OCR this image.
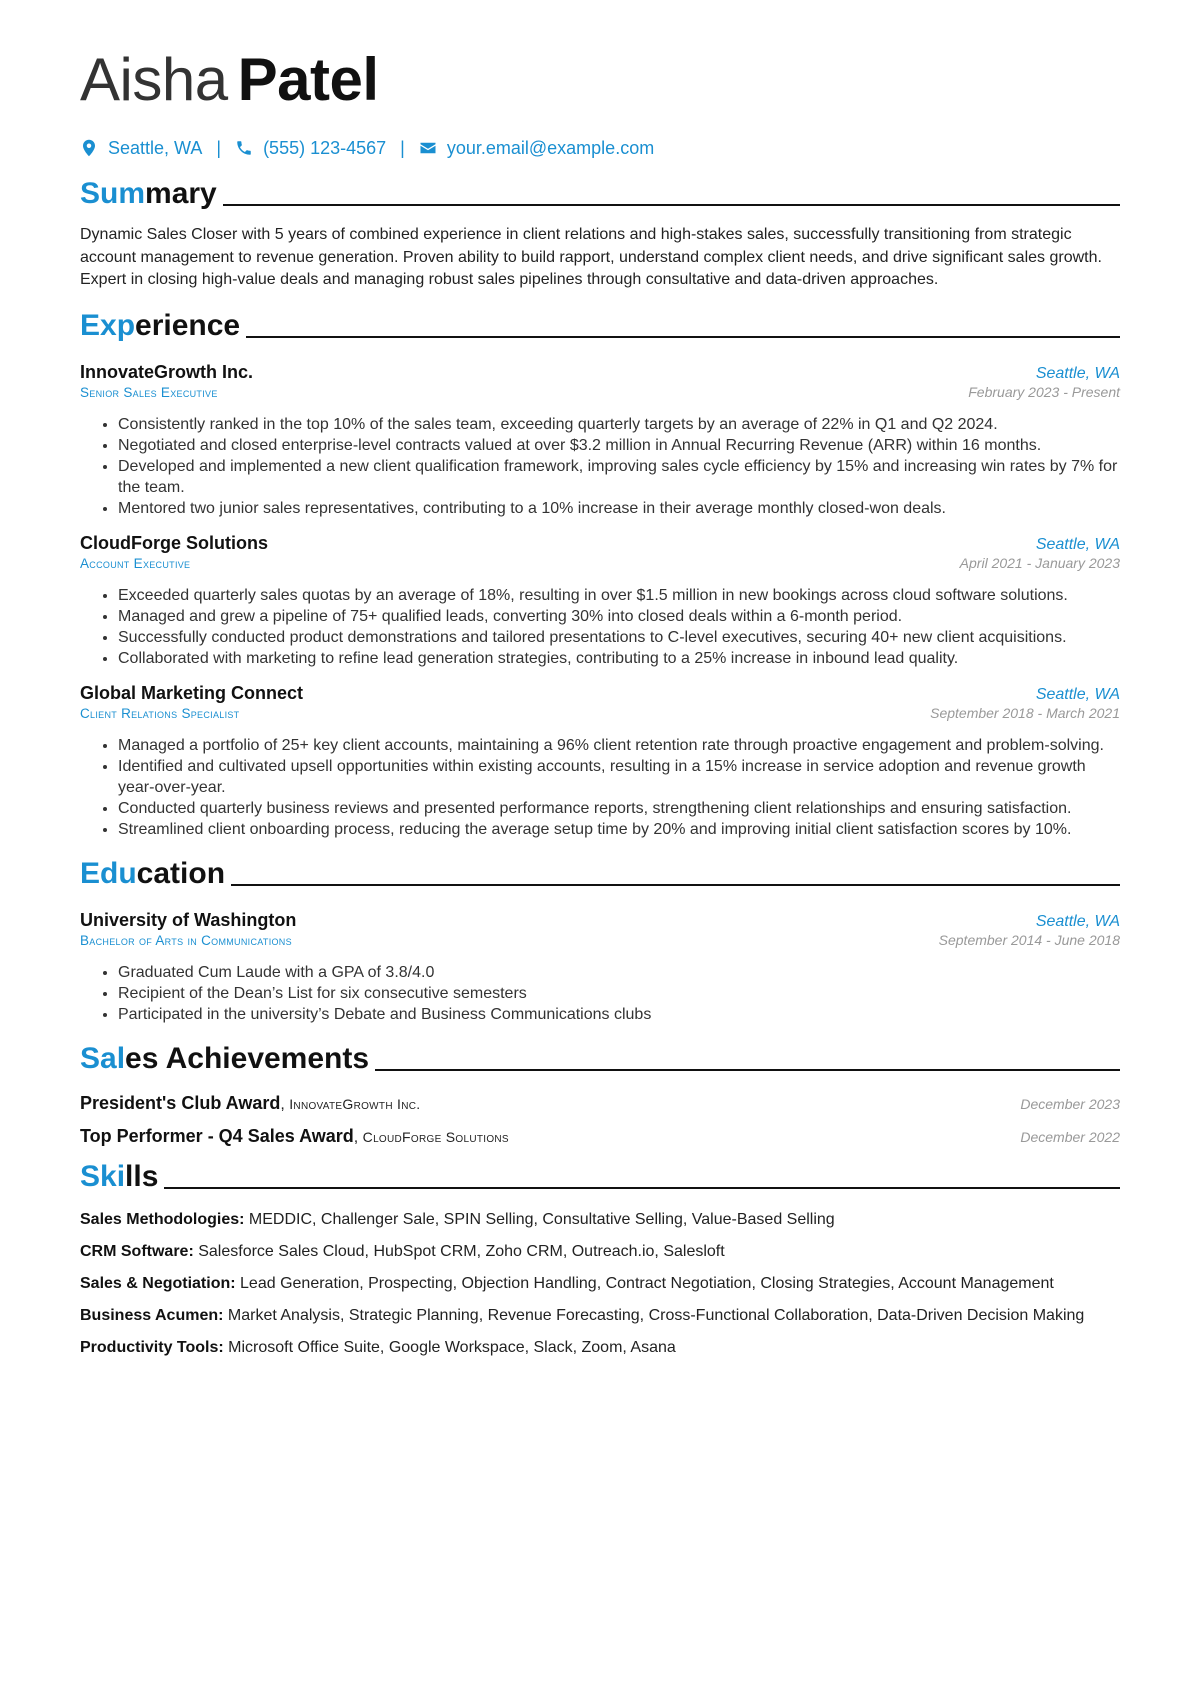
Aisha Patel
Seattle, WA | (555) 123-4567 | your.email@example.com
Summary
Dynamic Sales Closer with 5 years of combined experience in client relations and high-stakes sales, successfully transitioning from strategic account management to revenue generation. Proven ability to build rapport, understand complex client needs, and drive significant sales growth. Expert in closing high-value deals and managing robust sales pipelines through consultative and data-driven approaches.
Experience
InnovateGrowth Inc.	Seattle, WA
Senior Sales Executive	February 2023 - Present
• Consistently ranked in the top 10% of the sales team, exceeding quarterly targets by an average of 22% in Q1 and Q2 2024.
• Negotiated and closed enterprise-level contracts valued at over $3.2 million in Annual Recurring Revenue (ARR) within 16 months.
• Developed and implemented a new client qualification framework, improving sales cycle efficiency by 15% and increasing win rates by 7% for the team.
• Mentored two junior sales representatives, contributing to a 10% increase in their average monthly closed-won deals.
CloudForge Solutions	Seattle, WA
Account Executive	April 2021 - January 2023
• Exceeded quarterly sales quotas by an average of 18%, resulting in over $1.5 million in new bookings across cloud software solutions.
• Managed and grew a pipeline of 75+ qualified leads, converting 30% into closed deals within a 6-month period.
• Successfully conducted product demonstrations and tailored presentations to C-level executives, securing 40+ new client acquisitions.
• Collaborated with marketing to refine lead generation strategies, contributing to a 25% increase in inbound lead quality.
Global Marketing Connect	Seattle, WA
Client Relations Specialist	September 2018 - March 2021
• Managed a portfolio of 25+ key client accounts, maintaining a 96% client retention rate through proactive engagement and problem-solving.
• Identified and cultivated upsell opportunities within existing accounts, resulting in a 15% increase in service adoption and revenue growth year-over-year.
• Conducted quarterly business reviews and presented performance reports, strengthening client relationships and ensuring satisfaction.
• Streamlined client onboarding process, reducing the average setup time by 20% and improving initial client satisfaction scores by 10%.
Education
University of Washington	Seattle, WA
Bachelor of Arts in Communications	September 2014 - June 2018
• Graduated Cum Laude with a GPA of 3.8/4.0
• Recipient of the Dean’s List for six consecutive semesters
• Participated in the university’s Debate and Business Communications clubs
Sales Achievements
President's Club Award, InnovateGrowth Inc.	December 2023
Top Performer - Q4 Sales Award, CloudForge Solutions	December 2022
Skills
Sales Methodologies: MEDDIC, Challenger Sale, SPIN Selling, Consultative Selling, Value-Based Selling
CRM Software: Salesforce Sales Cloud, HubSpot CRM, Zoho CRM, Outreach.io, Salesloft
Sales & Negotiation: Lead Generation, Prospecting, Objection Handling, Contract Negotiation, Closing Strategies, Account Management
Business Acumen: Market Analysis, Strategic Planning, Revenue Forecasting, Cross-Functional Collaboration, Data-Driven Decision Making
Productivity Tools: Microsoft Office Suite, Google Workspace, Slack, Zoom, Asana
